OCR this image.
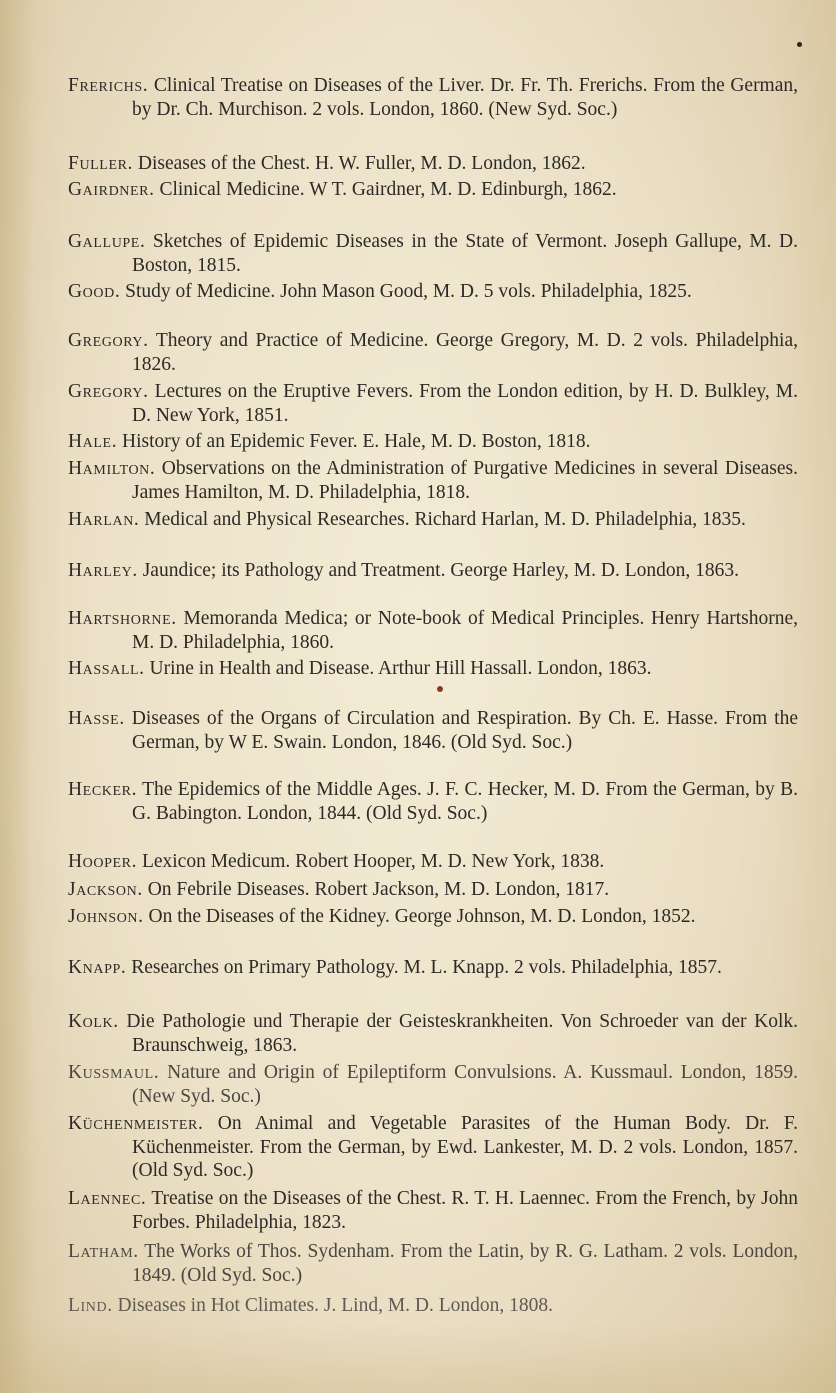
Frerichs. Clinical Treatise on Diseases of the Liver. Dr. Fr. Th. Frerichs. From the German, by Dr. Ch. Murchison. 2 vols. London, 1860. (New Syd. Soc.)

Fuller. Diseases of the Chest. H. W. Fuller, M. D. London, 1862.

Gairdner. Clinical Medicine. W T. Gairdner, M. D. Edinburgh, 1862.

Gallupe. Sketches of Epidemic Diseases in the State of Vermont. Joseph Gallupe, M. D. Boston, 1815.

Good. Study of Medicine. John Mason Good, M. D. 5 vols. Philadelphia, 1825.

Gregory. Theory and Practice of Medicine. George Gregory, M. D. 2 vols. Philadelphia, 1826.

Gregory. Lectures on the Eruptive Fevers. From the London edition, by H. D. Bulkley, M. D. New York, 1851.

Hale. History of an Epidemic Fever. E. Hale, M. D. Boston, 1818.

Hamilton. Observations on the Administration of Purgative Medicines in several Diseases. James Hamilton, M. D. Philadelphia, 1818.

Harlan. Medical and Physical Researches. Richard Harlan, M. D. Philadelphia, 1835.

Harley. Jaundice; its Pathology and Treatment. George Harley, M. D. London, 1863.

Hartshorne. Memoranda Medica; or Note-book of Medical Principles. Henry Hartshorne, M. D. Philadelphia, 1860.

Hassall. Urine in Health and Disease. Arthur Hill Hassall. London, 1863.

Hasse. Diseases of the Organs of Circulation and Respiration. By Ch. E. Hasse. From the German, by W E. Swain. London, 1846. (Old Syd. Soc.)

Hecker. The Epidemics of the Middle Ages. J. F. C. Hecker, M. D. From the German, by B. G. Babington. London, 1844. (Old Syd. Soc.)

Hooper. Lexicon Medicum. Robert Hooper, M. D. New York, 1838.

Jackson. On Febrile Diseases. Robert Jackson, M. D. London, 1817.

Johnson. On the Diseases of the Kidney. George Johnson, M. D. London, 1852.

Knapp. Researches on Primary Pathology. M. L. Knapp. 2 vols. Philadelphia, 1857.

Kolk. Die Pathologie und Therapie der Geisteskrankheiten. Von Schroeder van der Kolk. Braunschweig, 1863.

Kussmaul. Nature and Origin of Epileptiform Convulsions. A. Kussmaul. London, 1859. (New Syd. Soc.)

Küchenmeister. On Animal and Vegetable Parasites of the Human Body. Dr. F. Küchenmeister. From the German, by Ewd. Lankester, M. D. 2 vols. London, 1857. (Old Syd. Soc.)

Laennec. Treatise on the Diseases of the Chest. R. T. H. Laennec. From the French, by John Forbes. Philadelphia, 1823.

Latham. The Works of Thos. Sydenham. From the Latin, by R. G. Latham. 2 vols. London, 1849. (Old Syd. Soc.)

Lind. Diseases in Hot Climates. J. Lind, M. D. London, 1808.
